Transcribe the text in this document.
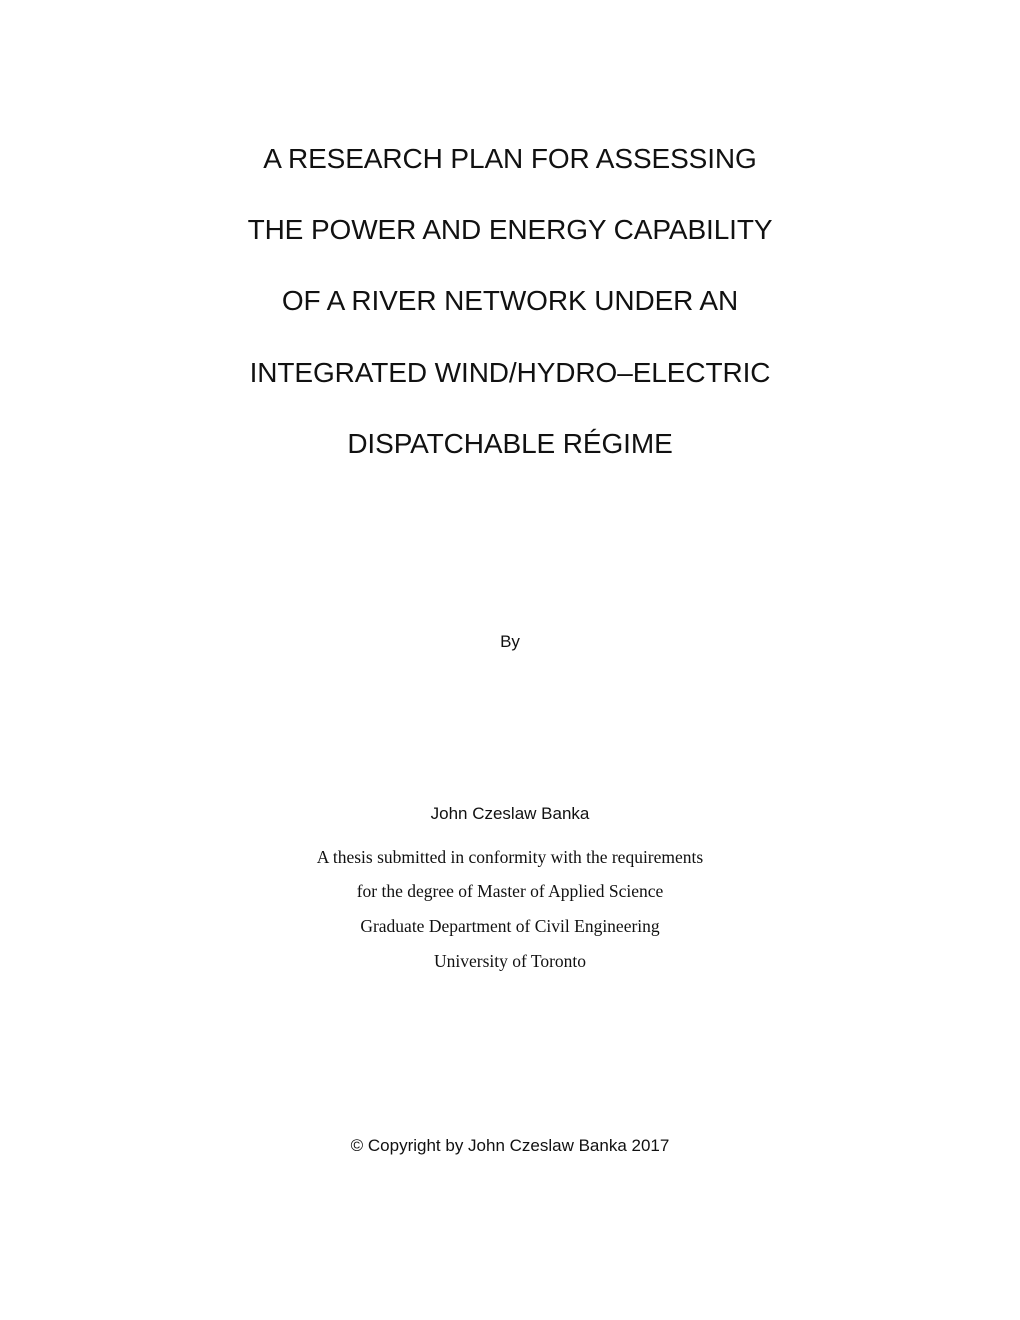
A RESEARCH PLAN FOR ASSESSING

THE POWER AND ENERGY CAPABILITY

OF A RIVER NETWORK UNDER AN

INTEGRATED WIND/HYDRO–ELECTRIC

DISPATCHABLE RÉGIME

By

John Czeslaw Banka

A thesis submitted in conformity with the requirements

for the degree of Master of Applied Science

Graduate Department of Civil Engineering

University of Toronto

© Copyright by John Czeslaw Banka 2017
